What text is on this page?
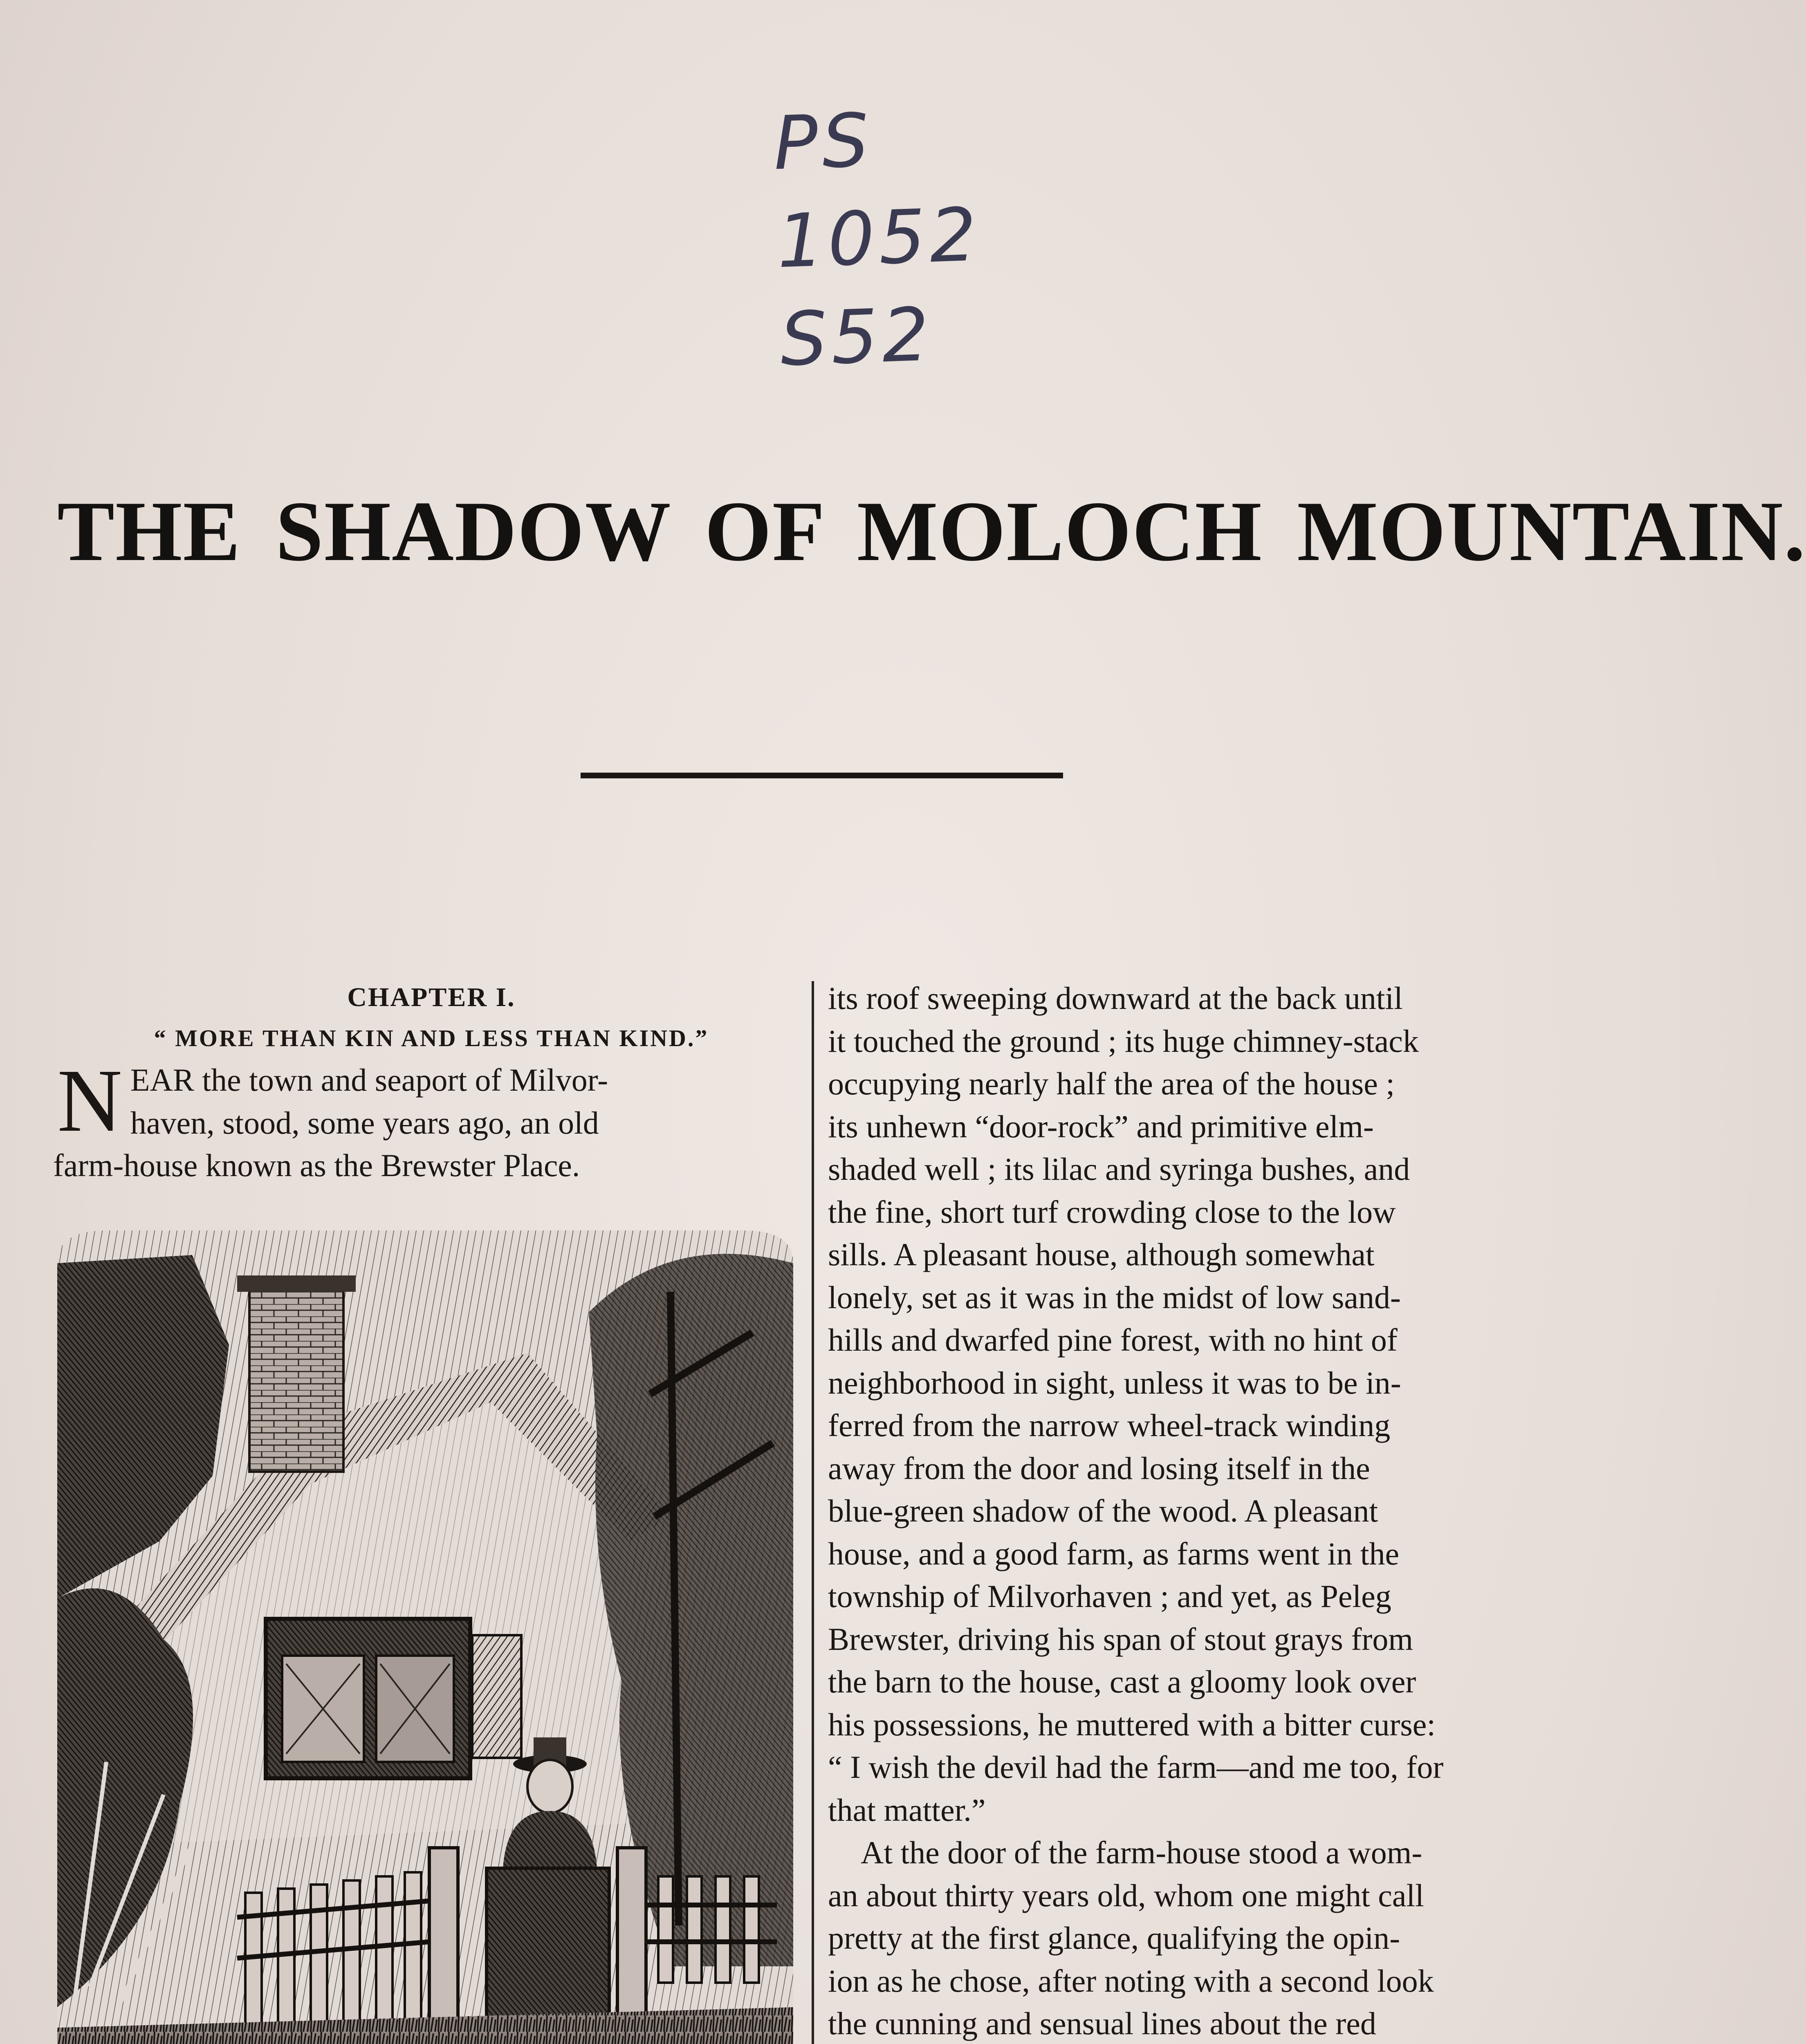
PS
1052
S52
THE SHADOW OF MOLOCH MOUNTAIN.
CHAPTER I.
“ MORE THAN KIN AND LESS THAN KIND.”
N EAR the town and seaport of Milvor-
haven, stood, some years ago, an old
farm-house known as the Brewster Place.
its roof sweeping downward at the back until
it touched the ground ; its huge chimney-stack
occupying nearly half the area of the house ;
its unhewn “door-rock” and primitive elm-
shaded well ; its lilac and syringa bushes, and
the fine, short turf crowding close to the low
sills. A pleasant house, although somewhat
lonely, set as it was in the midst of low sand-
hills and dwarfed pine forest, with no hint of
neighborhood in sight, unless it was to be in-
ferred from the narrow wheel-track winding
away from the door and losing itself in the
blue-green shadow of the wood. A pleasant
house, and a good farm, as farms went in the
township of Milvorhaven ; and yet, as Peleg
Brewster, driving his span of stout grays from
the barn to the house, cast a gloomy look over
his possessions, he muttered with a bitter curse:
“ I wish the devil had the farm—and me too, for
that matter.”
At the door of the farm-house stood a wom-
an about thirty years old, whom one might call
pretty at the first glance, qualifying the opin-
ion as he chose, after noting with a second look
the cunning and sensual lines about the red
